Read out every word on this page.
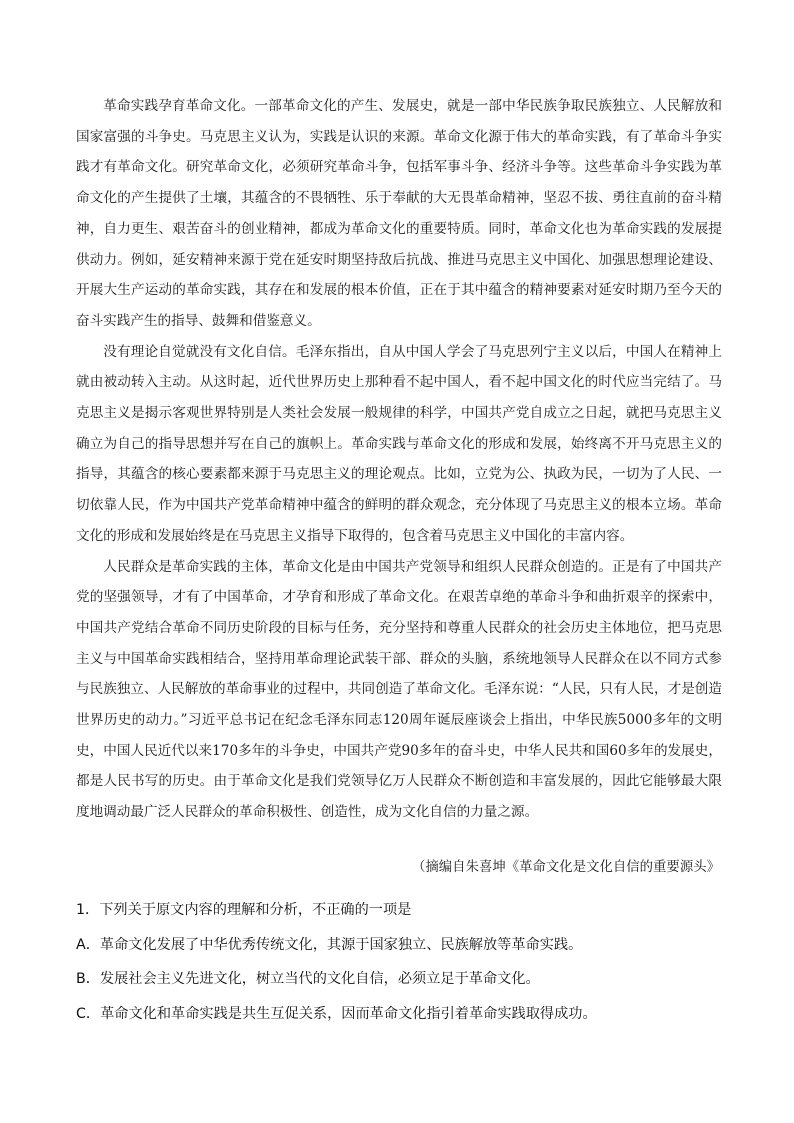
革命实践孕育革命文化。一部革命文化的产生、发展史，就是一部中华民族争取民族独立、人民解放和国家富强的斗争史。马克思主义认为，实践是认识的来源。革命文化源于伟大的革命实践，有了革命斗争实践才有革命文化。研究革命文化，必须研究革命斗争，包括军事斗争、经济斗争等。这些革命斗争实践为革命文化的产生提供了土壤，其蕴含的不畏牺牲、乐于奉献的大无畏革命精神，坚忍不拔、勇往直前的奋斗精神，自力更生、艰苦奋斗的创业精神，都成为革命文化的重要特质。同时，革命文化也为革命实践的发展提供动力。例如，延安精神来源于党在延安时期坚持敌后抗战、推进马克思主义中国化、加强思想理论建设、开展大生产运动的革命实践，其存在和发展的根本价值，正在于其中蕴含的精神要素对延安时期乃至今天的奋斗实践产生的指导、鼓舞和借鉴意义。

没有理论自觉就没有文化自信。毛泽东指出，自从中国人学会了马克思列宁主义以后，中国人在精神上就由被动转入主动。从这时起，近代世界历史上那种看不起中国人，看不起中国文化的时代应当完结了。马克思主义是揭示客观世界特别是人类社会发展一般规律的科学，中国共产党自成立之日起，就把马克思主义确立为自己的指导思想并写在自己的旗帜上。革命实践与革命文化的形成和发展，始终离不开马克思主义的指导，其蕴含的核心要素都来源于马克思主义的理论观点。比如，立党为公、执政为民，一切为了人民、一切依靠人民，作为中国共产党革命精神中蕴含的鲜明的群众观念，充分体现了马克思主义的根本立场。革命文化的形成和发展始终是在马克思主义指导下取得的，包含着马克思主义中国化的丰富内容。

人民群众是革命实践的主体，革命文化是由中国共产党领导和组织人民群众创造的。正是有了中国共产党的坚强领导，才有了中国革命，才孕育和形成了革命文化。在艰苦卓绝的革命斗争和曲折艰辛的探索中，中国共产党结合革命不同历史阶段的目标与任务，充分坚持和尊重人民群众的社会历史主体地位，把马克思主义与中国革命实践相结合，坚持用革命理论武装干部、群众的头脑，系统地领导人民群众在以不同方式参与民族独立、人民解放的革命事业的过程中，共同创造了革命文化。毛泽东说：“人民，只有人民，才是创造世界历史的动力。”习近平总书记在纪念毛泽东同志120周年诞辰座谈会上指出，中华民族5000多年的文明史，中国人民近代以来170多年的斗争史，中国共产党90多年的奋斗史，中华人民共和国60多年的发展史，都是人民书写的历史。由于革命文化是我们党领导亿万人民群众不断创造和丰富发展的，因此它能够最大限度地调动最广泛人民群众的革命积极性、创造性，成为文化自信的力量之源。

（摘编自朱喜坤《革命文化是文化自信的重要源头》
1．下列关于原文内容的理解和分析，不正确的一项是
A．革命文化发展了中华优秀传统文化，其源于国家独立、民族解放等革命实践。
B．发展社会主义先进文化，树立当代的文化自信，必须立足于革命文化。
C．革命文化和革命实践是共生互促关系，因而革命文化指引着革命实践取得成功。
